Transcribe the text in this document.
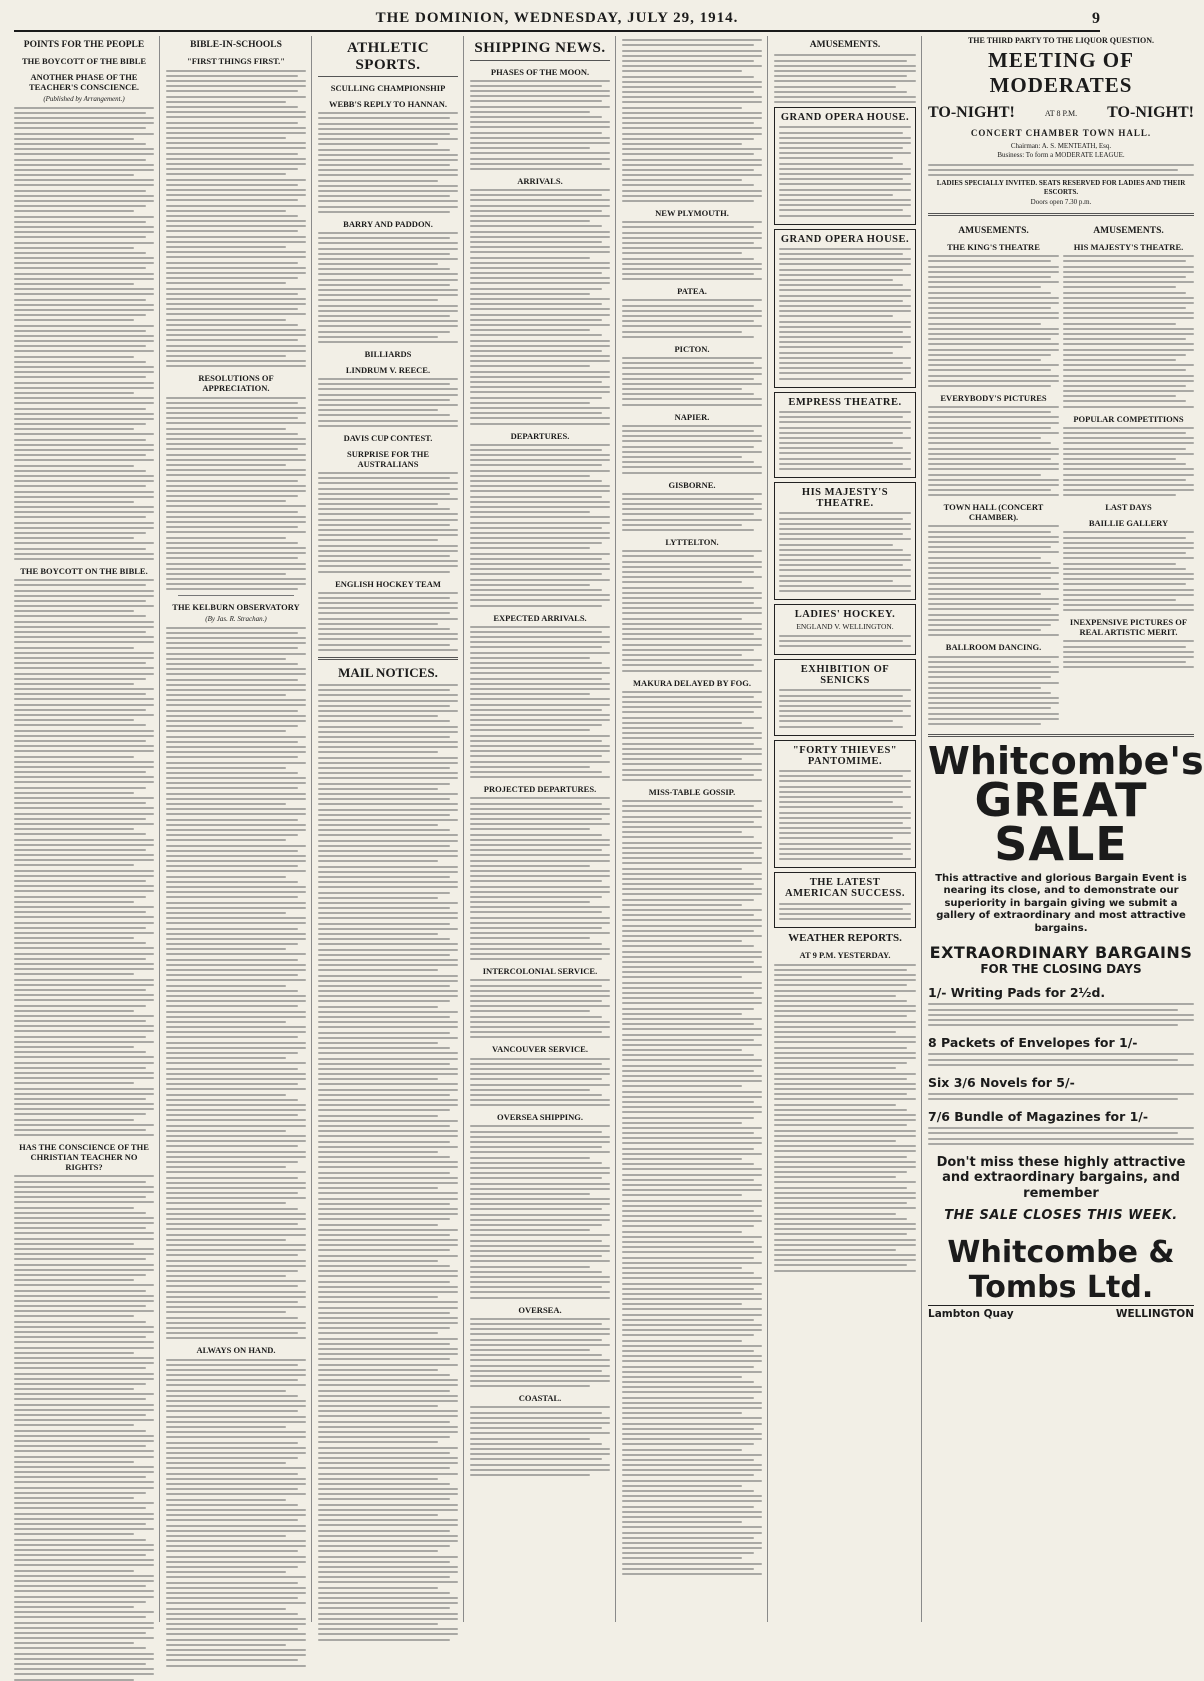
THE DOMINION, WEDNESDAY, JULY 29, 1914.	9
POINTS FOR THE PEOPLE
THE BOYCOTT OF THE BIBLE
ANOTHER PHASE OF THE TEACHER'S CONSCIENCE.
(Published by Arrangement.)
THE BOYCOTT ON THE BIBLE.
HAS THE CONSCIENCE OF THE CHRISTIAN TEACHER NO RIGHTS?
BIBLE-IN-SCHOOLS
"FIRST THINGS FIRST."
RESOLUTIONS OF APPRECIATION.
THE KELBURN OBSERVATORY
(By Jas. R. Strachan.)
ALWAYS ON HAND.
ATHLETIC SPORTS.
SCULLING CHAMPIONSHIP
WEBB'S REPLY TO HANNAN.
BARRY AND PADDON.
BILLIARDS
LINDRUM V. REECE.
DAVIS CUP CONTEST.
SURPRISE FOR THE AUSTRALIANS
ENGLISH HOCKEY TEAM
MAIL NOTICES.
SHIPPING NEWS.
PHASES OF THE MOON.
ARRIVALS.
DEPARTURES.
EXPECTED ARRIVALS.
PROJECTED DEPARTURES.
INTERCOLONIAL SERVICE.
VANCOUVER SERVICE.
OVERSEA SHIPPING.
OVERSEA.
COASTAL.
NEW PLYMOUTH.
PATEA.
PICTON.
NAPIER.
GISBORNE.
LYTTELTON.
MAKURA DELAYED BY FOG.
MISS-TABLE GOSSIP.
AMUSEMENTS.
GRAND OPERA HOUSE.
GRAND OPERA HOUSE.
EMPRESS THEATRE.
HIS MAJESTY'S THEATRE.
LADIES' HOCKEY.
ENGLAND V. WELLINGTON.
EXHIBITION OF SENICKS
"FORTY THIEVES" PANTOMIME.
THE LATEST AMERICAN SUCCESS.
WEATHER REPORTS.
AT 9 P.M. YESTERDAY.
THE THIRD PARTY TO THE LIQUOR QUESTION.
MEETING OF MODERATES
TO-NIGHT!	AT 8 P.M. TO-NIGHT!
CONCERT CHAMBER TOWN HALL.
Chairman: A. S. MENTEATH, Esq.
Business: To form a MODERATE LEAGUE.
LADIES SPECIALLY INVITED. SEATS RESERVED FOR LADIES AND THEIR ESCORTS.
Doors open 7.30 p.m.
AMUSEMENTS.
THE KING'S THEATRE
EVERYBODY'S PICTURES
TOWN HALL (CONCERT CHAMBER).
BALLROOM DANCING.
AMUSEMENTS.
HIS MAJESTY'S THEATRE.
POPULAR COMPETITIONS
LAST DAYS
BAILLIE GALLERY
INEXPENSIVE PICTURES OF REAL ARTISTIC MERIT.
Whitcombe's
GREAT SALE
This attractive and glorious Bargain Event is nearing its close, and to demonstrate our superiority in bargain giving we submit a gallery of extraordinary and most attractive bargains.
EXTRAORDINARY BARGAINS
FOR THE CLOSING DAYS
1/- Writing Pads for 2½d.
8 Packets of Envelopes for 1/-
Six 3/6 Novels for 5/-
7/6 Bundle of Magazines for 1/-
Don't miss these highly attractive and extraordinary bargains, and remember
THE SALE CLOSES THIS WEEK.
Whitcombe & Tombs Ltd.
Lambton Quay	WELLINGTON
